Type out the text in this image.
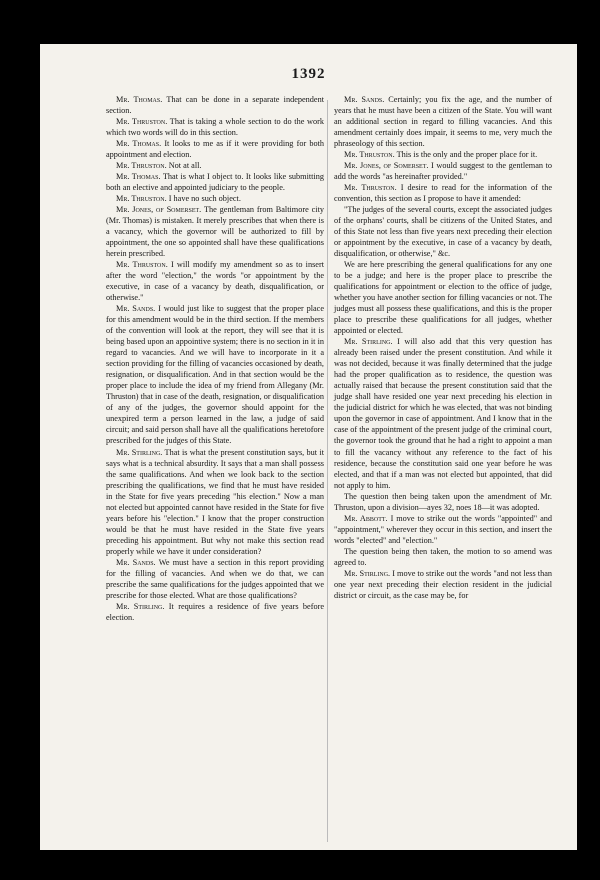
1392

Mr. Thomas. That can be done in a separate independent section.

Mr. Thruston. That is taking a whole section to do the work which two words will do in this section.

Mr. Thomas. It looks to me as if it were providing for both appointment and election.

Mr. Thruston. Not at all.

Mr. Thomas. That is what I object to. It looks like submitting both an elective and appointed judiciary to the people.

Mr. Thruston. I have no such object.

Mr. Jones, of Somerset. The gentleman from Baltimore city (Mr. Thomas) is mistaken. It merely prescribes that when there is a vacancy, which the governor will be authorized to fill by appointment, the one so appointed shall have these qualifications herein prescribed.

Mr. Thruston. I will modify my amendment so as to insert after the word "election," the words "or appointment by the executive, in case of a vacancy by death, disqualification, or otherwise."

Mr. Sands. I would just like to suggest that the proper place for this amendment would be in the third section. If the members of the convention will look at the report, they will see that it is being based upon an appointive system; there is no section in it in regard to vacancies. And we will have to incorporate in it a section providing for the filling of vacancies occasioned by death, resignation, or disqualification. And in that section would be the proper place to include the idea of my friend from Allegany (Mr. Thruston) that in case of the death, resignation, or disqualification of any of the judges, the governor should appoint for the unexpired term a person learned in the law, a judge of said circuit; and said person shall have all the qualifications heretofore prescribed for the judges of this State.

Mr. Stirling. That is what the present constitution says, but it says what is a technical absurdity. It says that a man shall possess the same qualifications. And when we look back to the section prescribing the qualifications, we find that he must have resided in the State for five years preceding "his election." Now a man not elected but appointed cannot have resided in the State for five years before his "election." I know that the proper construction would be that he must have resided in the State five years preceding his appointment. But why not make this section read properly while we have it under consideration?

Mr. Sands. We must have a section in this report providing for the filling of vacancies. And when we do that, we can prescribe the same qualifications for the judges appointed that we prescribe for those elected. What are those qualifications?

Mr. Stirling. It requires a residence of five years before election.

Mr. Sands. Certainly; you fix the age, and the number of years that he must have been a citizen of the State. You will want an additional section in regard to filling vacancies. And this amendment certainly does impair, it seems to me, very much the phraseology of this section.

Mr. Thruston. This is the only and the proper place for it.

Mr. Jones, of Somerset. I would suggest to the gentleman to add the words "as hereinafter provided."

Mr. Thruston. I desire to read for the information of the convention, this section as I propose to have it amended:

"The judges of the several courts, except the associated judges of the orphans' courts, shall be citizens of the United States, and of this State not less than five years next preceding their election or appointment by the executive, in case of a vacancy by death, disqualification, or otherwise," &c.

We are here prescribing the general qualifications for any one to be a judge; and here is the proper place to prescribe the qualifications for appointment or election to the office of judge, whether you have another section for filling vacancies or not. The judges must all possess these qualifications, and this is the proper place to prescribe these qualifications for all judges, whether appointed or elected.

Mr. Stirling. I will also add that this very question has already been raised under the present constitution. And while it was not decided, because it was finally determined that the judge had the proper qualification as to residence, the question was actually raised that because the present constitution said that the judge shall have resided one year next preceding his election in the judicial district for which he was elected, that was not binding upon the governor in case of appointment. And I know that in the case of the appointment of the present judge of the criminal court, the governor took the ground that he had a right to appoint a man to fill the vacancy without any reference to the fact of his residence, because the constitution said one year before he was elected, and that if a man was not elected but appointed, that did not apply to him.

The question then being taken upon the amendment of Mr. Thruston, upon a division—ayes 32, noes 18—it was adopted.

Mr. Abbott. I move to strike out the words "appointed" and "appointment," wherever they occur in this section, and insert the words "elected" and "election."

The question being then taken, the motion to so amend was agreed to.

Mr. Stirling. I move to strike out the words "and not less than one year next preceding their election resident in the judicial district or circuit, as the case may be, for
